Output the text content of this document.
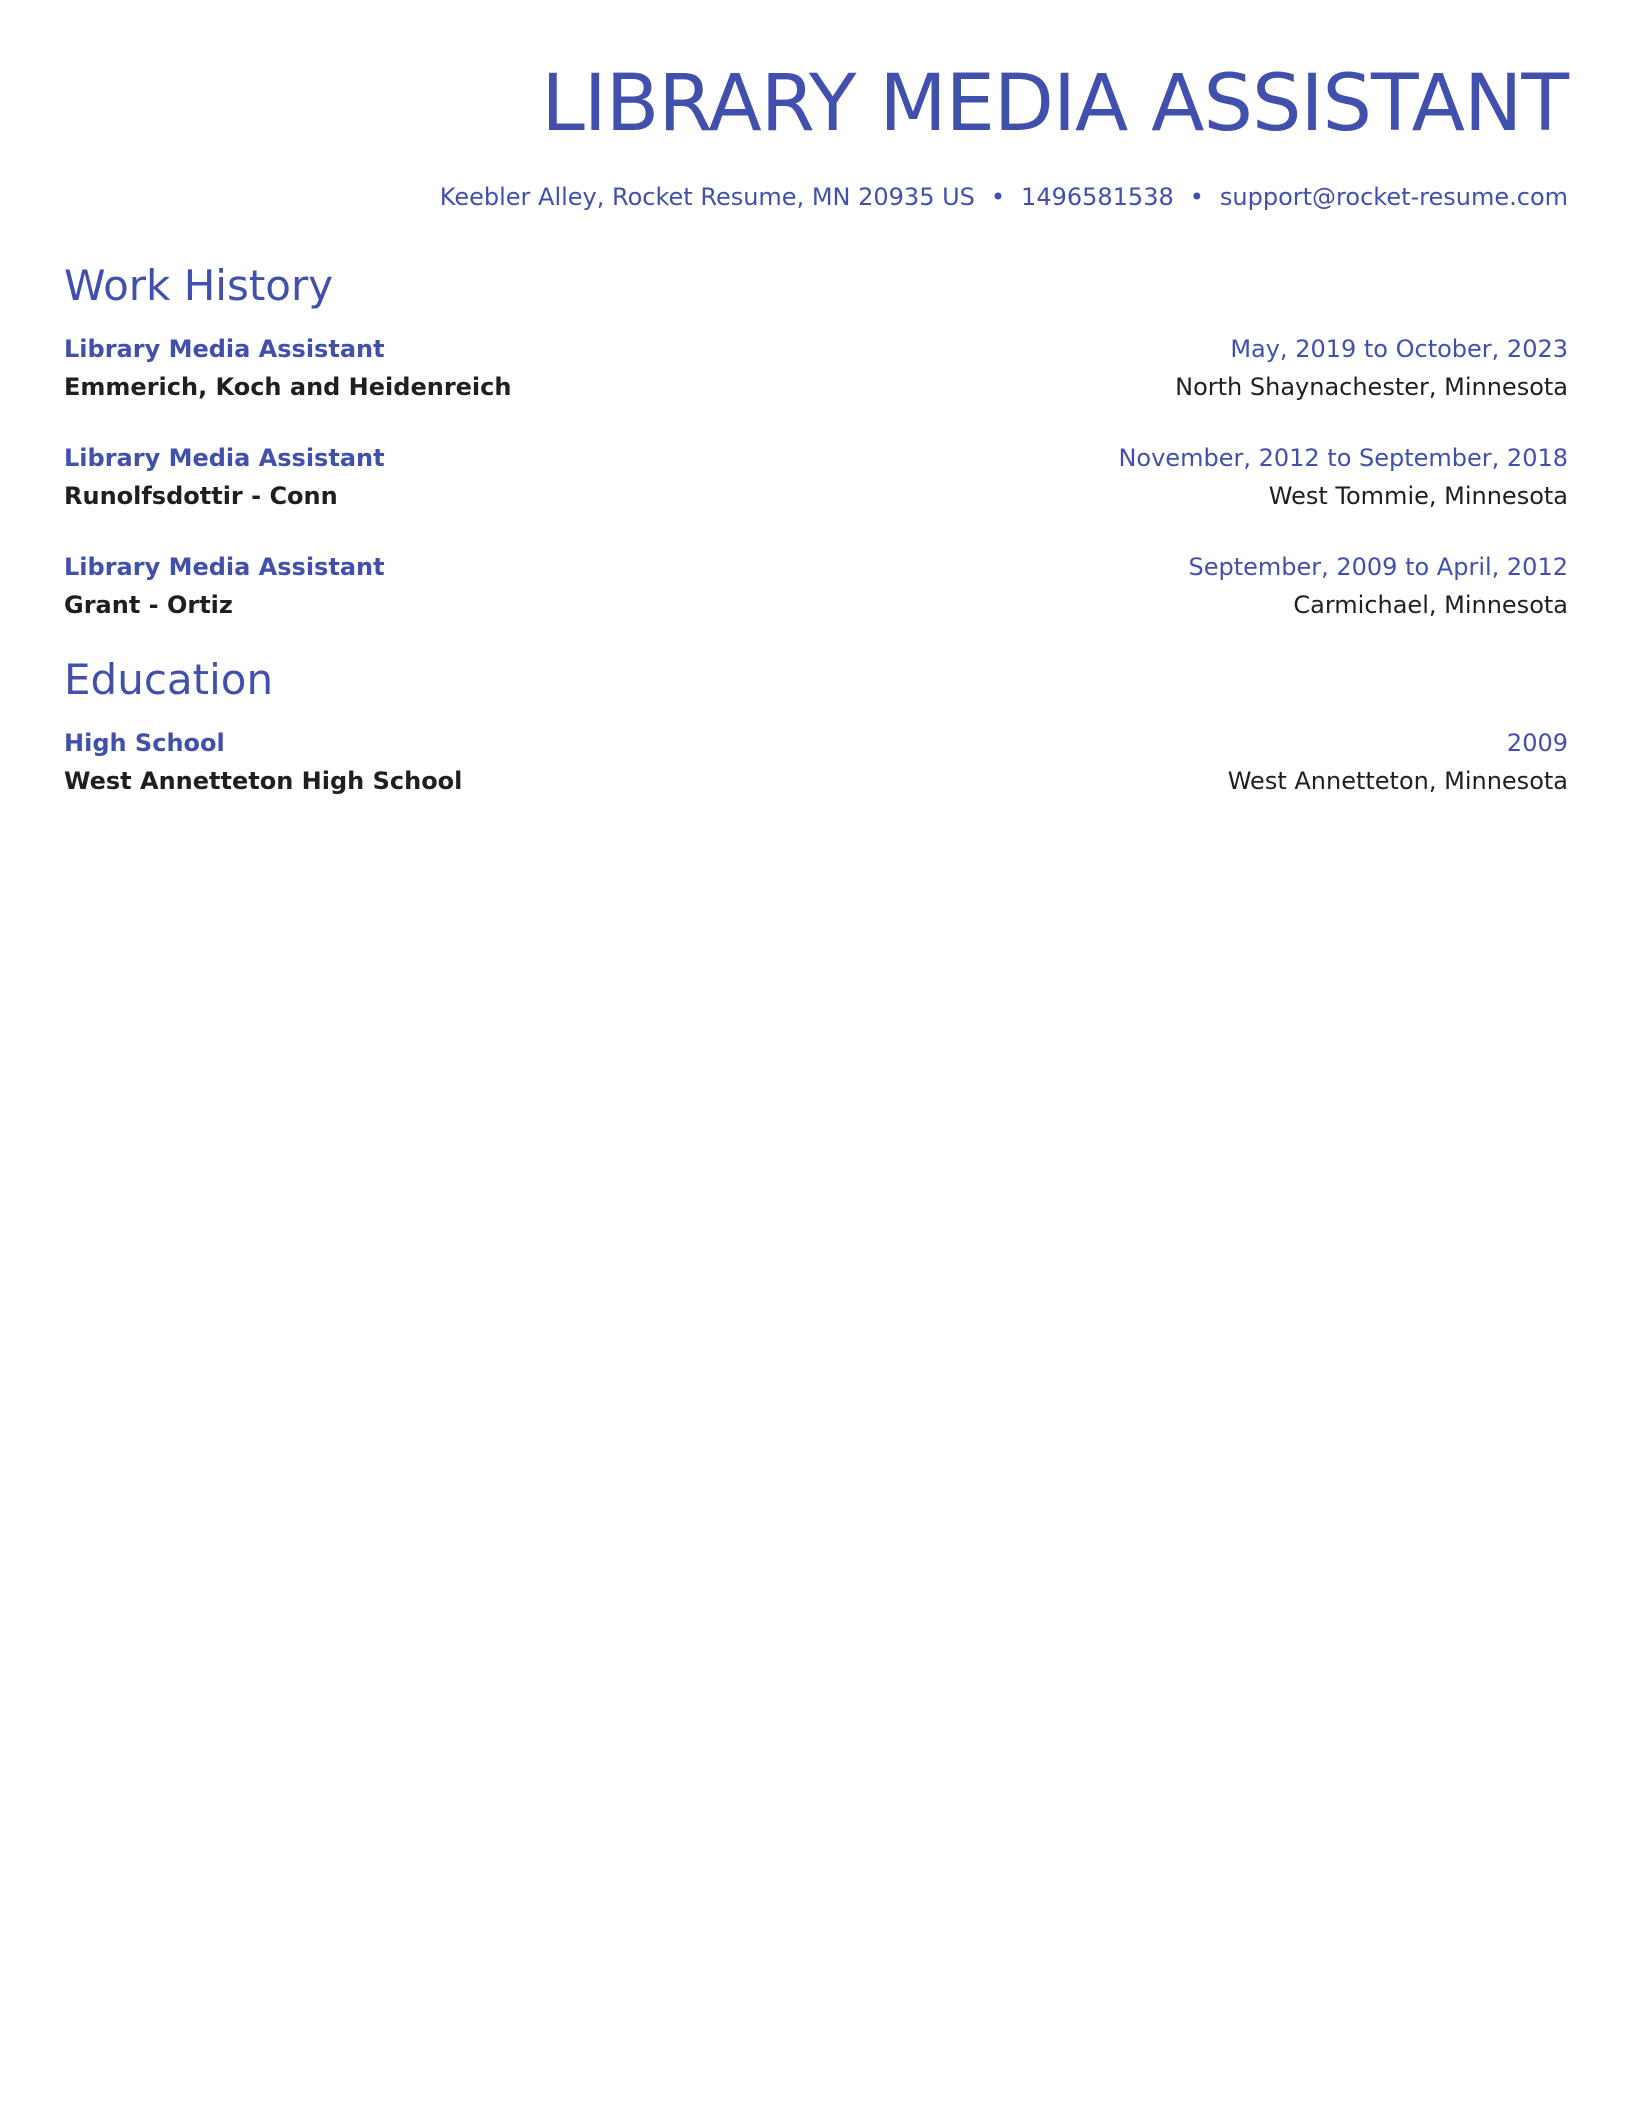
LIBRARY MEDIA ASSISTANT
Keebler Alley, Rocket Resume, MN 20935 US • 1496581538 • support@rocket-resume.com
Work History
Library Media Assistant	May, 2019 to October, 2023
Emmerich, Koch and Heidenreich	North Shaynachester, Minnesota
Library Media Assistant	November, 2012 to September, 2018
Runolfsdottir - Conn	West Tommie, Minnesota
Library Media Assistant	September, 2009 to April, 2012
Grant - Ortiz	Carmichael, Minnesota
Education
High School	2009
West Annetteton High School	West Annetteton, Minnesota
